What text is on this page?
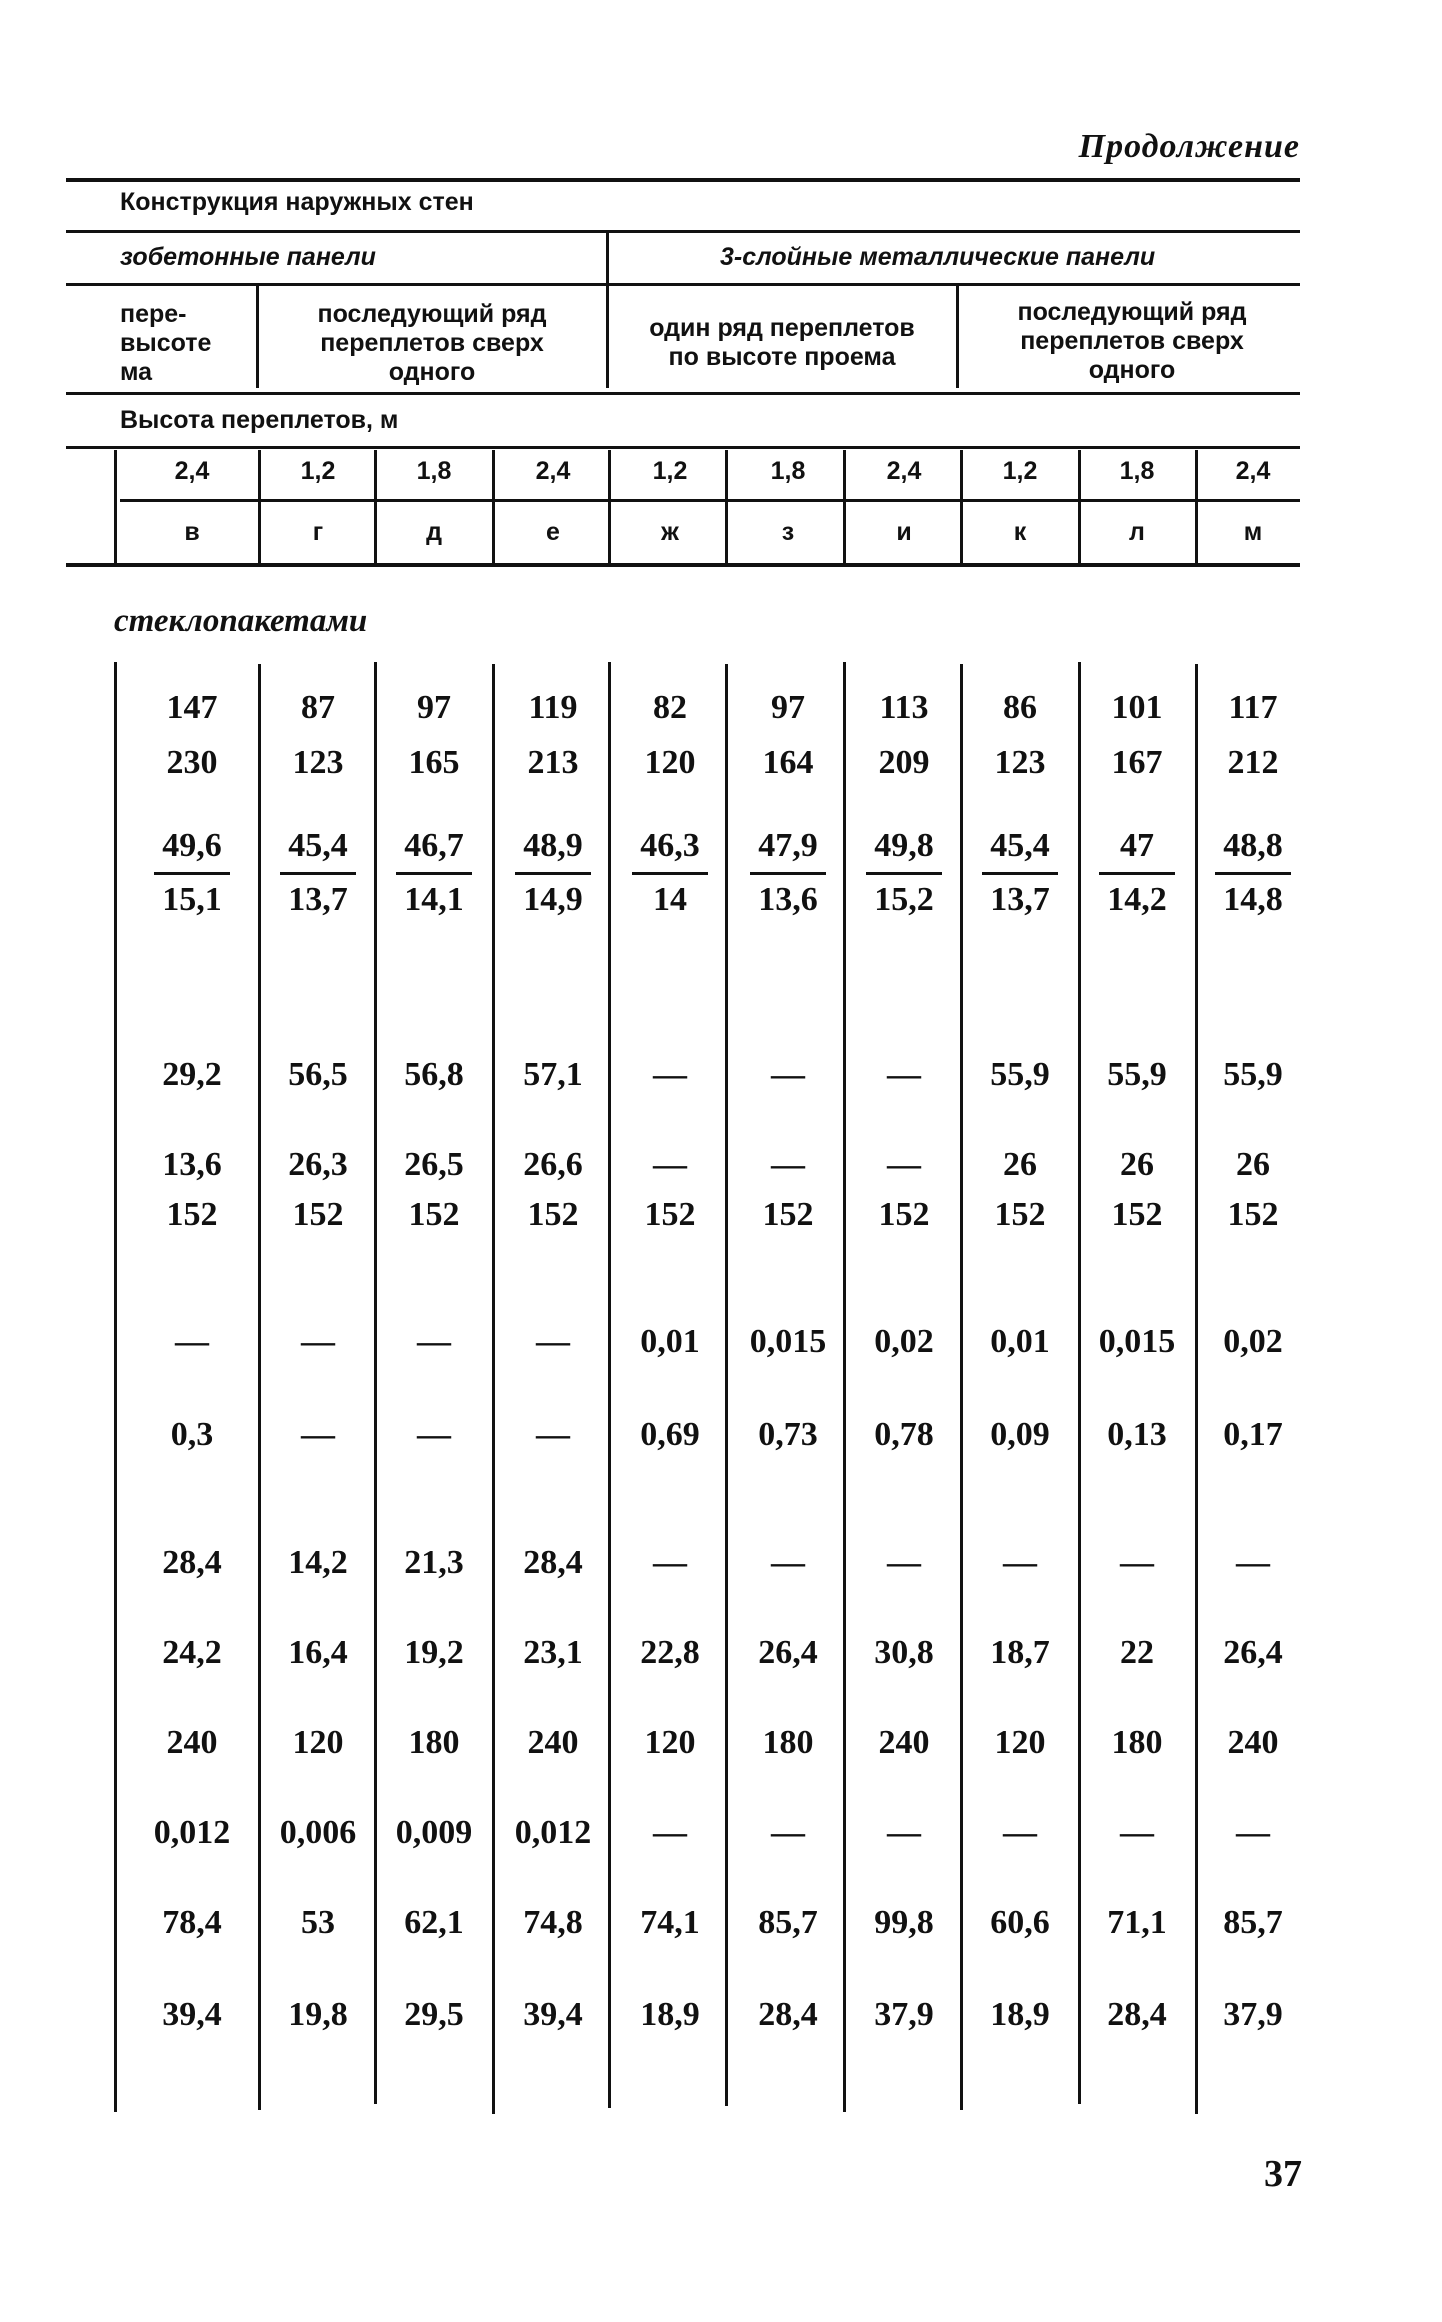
Продолжение
Конструкция наружных стен
зобетонные панели	3-слойные металлические панели
пере-
высоте
ма
последующий ряд
переплетов сверх
одного
один ряд переплетов
по высоте проема
последующий ряд
переплетов сверх
одного
Высота переплетов, м
2,4	1,2	1,8	2,4	1,2	1,8	2,4	1,2	1,8	2,4
в	г	д	е	ж	з	и	к	л	м
стеклопакетами
147	87	97	119	82	97	113	86	101	117
230	123	165	213	120	164	209	123	167	212
49,6	45,4	46,7	48,9	46,3	47,9	49,8	45,4	47	48,8
15,1	13,7	14,1	14,9	14	13,6	15,2	13,7	14,2	14,8
29,2	56,5	56,8	57,1	—	—	—	55,9	55,9	55,9
13,6	26,3	26,5	26,6	—	—	—	26	26	26
152	152	152	152	152	152	152	152	152	152
—	—	—	—	0,01	0,015	0,02	0,01	0,015	0,02
0,3	—	—	—	0,69	0,73	0,78	0,09	0,13	0,17
28,4	14,2	21,3	28,4	—	—	—	—	—	—
24,2	16,4	19,2	23,1	22,8	26,4	30,8	18,7	22	26,4
240	120	180	240	120	180	240	120	180	240
0,012	0,006	0,009	0,012	—	—	—	—	—	—
78,4	53	62,1	74,8	74,1	85,7	99,8	60,6	71,1	85,7
39,4	19,8	29,5	39,4	18,9	28,4	37,9	18,9	28,4	37,9
37
